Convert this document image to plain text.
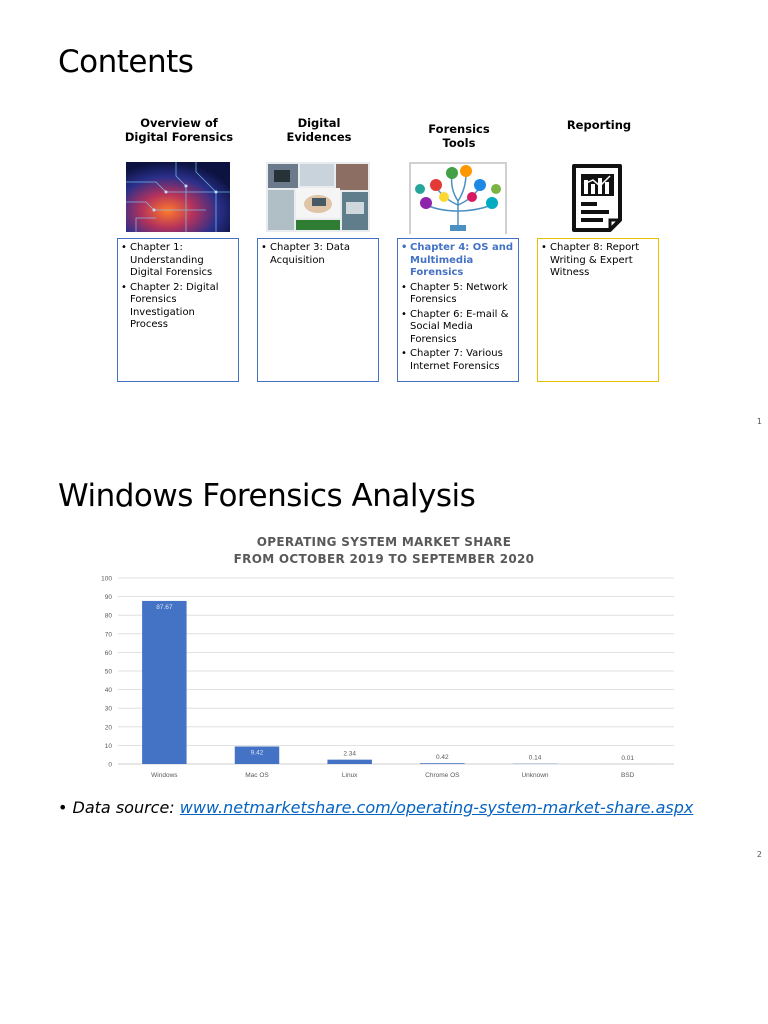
Contents
Overview of Digital Forensics
• Chapter 1: Understanding Digital Forensics
• Chapter 2: Digital Forensics Investigation Process
Digital Evidences
• Chapter 3: Data Acquisition
Forensics Tools
• Chapter 4: OS and Multimedia Forensics
• Chapter 5: Network Forensics
• Chapter 6: E-mail & Social Media Forensics
• Chapter 7: Various Internet Forensics
Reporting
• Chapter 8: Report Writing & Expert Witness
1
Windows Forensics Analysis
OPERATING SYSTEM MARKET SHARE
FROM OCTOBER 2019 TO SEPTEMBER 2020
0
10
20
30
40
50
60
70
80
90
100
87.67
Windows
9.42
Mac OS
2.34
Linux
0.42
Chrome OS
0.14
Unknown
0.01
BSD
• Data source: www.netmarketshare.com/operating-system-market-share.aspx
2
